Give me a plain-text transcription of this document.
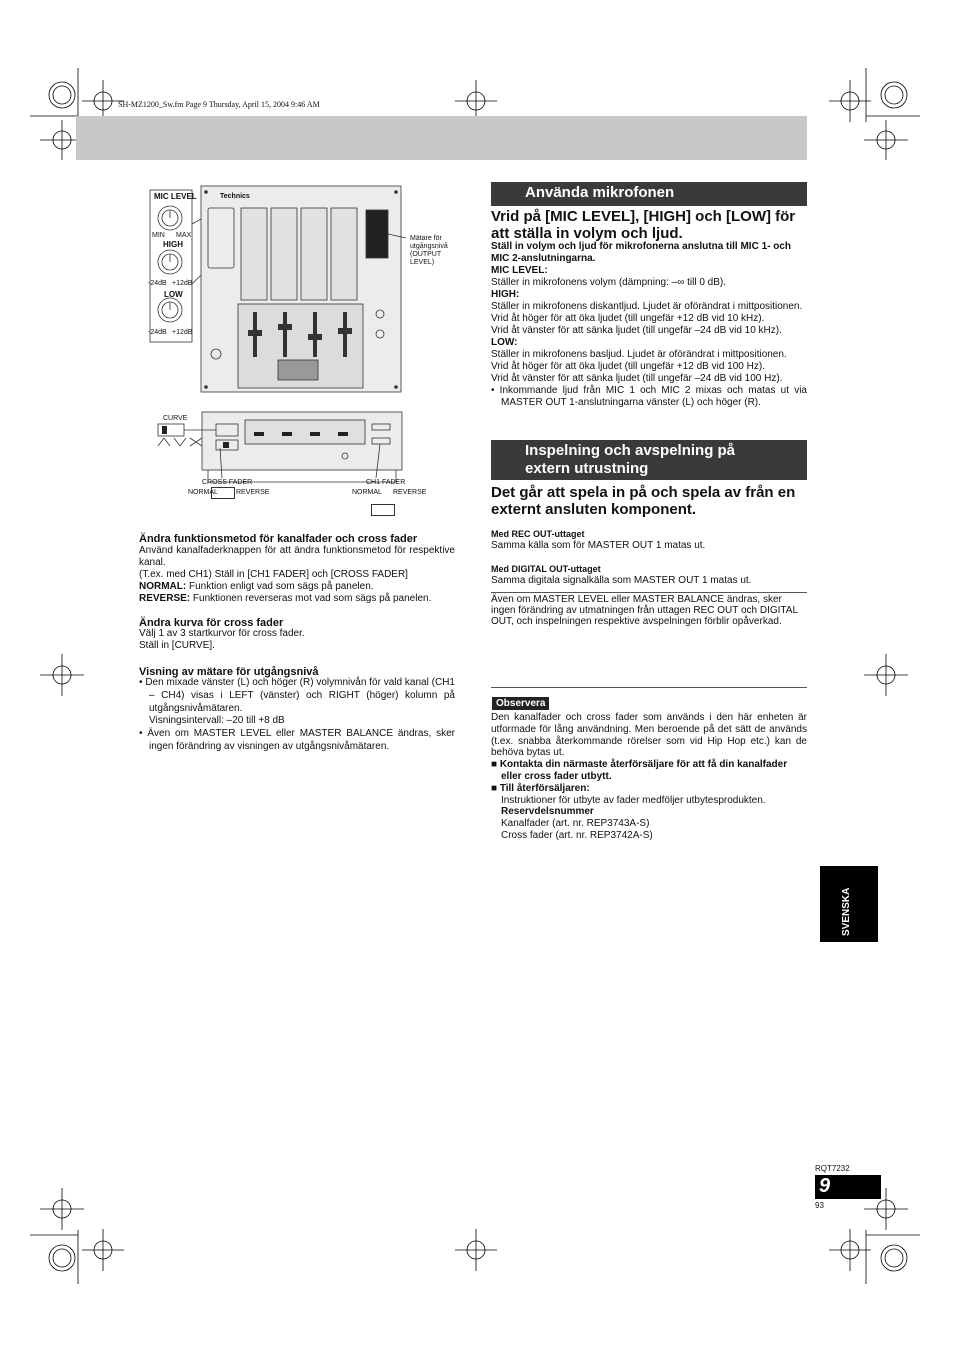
SH-MZ1200_Sw.fm Page 9 Thursday, April 15, 2004 9:46 AM
MIC LEVEL
MIN MAX
HIGH
-24dB +12dB
LOW
-24dB +12dB
Technics
Mätare för
utgångsnivå
(OUTPUT
LEVEL)
CURVE
CROSS FADER
NORMAL	REVERSE
CH1 FADER
NORMAL REVERSE
Ändra funktionsmetod för kanalfader och cross fader
Använd kanalfaderknappen för att ändra funktionsmetod för respektive kanal.
(T.ex. med CH1) Ställ in [CH1 FADER] och [CROSS FADER]
NORMAL: Funktion enligt vad som sägs på panelen.
REVERSE: Funktionen reverseras mot vad som sägs på panelen.
Ändra kurva för cross fader
Välj 1 av 3 startkurvor för cross fader.
Ställ in [CURVE].
Visning av mätare för utgångsnivå
• Den mixade vänster (L) och höger (R) volymnivån för vald kanal (CH1 – CH4) visas i LEFT (vänster) och RIGHT (höger) kolumn på utgångsnivåmätaren.
Visningsintervall: –20 till +8 dB
• Även om MASTER LEVEL eller MASTER BALANCE ändras, sker ingen förändring av visningen av utgångsnivåmätaren.
Använda mikrofonen
Vrid på [MIC LEVEL], [HIGH] och [LOW] för att ställa in volym och ljud.
Ställ in volym och ljud för mikrofonerna anslutna till MIC 1- och MIC 2-anslutningarna.
MIC LEVEL:
Ställer in mikrofonens volym (dämpning: –∞ till 0 dB).
HIGH:
Ställer in mikrofonens diskantljud. Ljudet är oförändrat i mittpositionen.
Vrid åt höger för att öka ljudet (till ungefär +12 dB vid 10 kHz).
Vrid åt vänster för att sänka ljudet (till ungefär –24 dB vid 10 kHz).
LOW:
Ställer in mikrofonens basljud. Ljudet är oförändrat i mittpositionen.
Vrid åt höger för att öka ljudet (till ungefär +12 dB vid 100 Hz).
Vrid åt vänster för att sänka ljudet (till ungefär –24 dB vid 100 Hz).
• Inkommande ljud från MIC 1 och MIC 2 mixas och matas ut via MASTER OUT 1-anslutningarna vänster (L) och höger (R).
Inspelning och avspelning på
extern utrustning
Det går att spela in på och spela av från en externt ansluten komponent.
Med REC OUT-uttaget
Samma källa som för MASTER OUT 1 matas ut.
Med DIGITAL OUT-uttaget
Samma digitala signalkälla som MASTER OUT 1 matas ut.
Även om MASTER LEVEL eller MASTER BALANCE ändras, sker ingen förändring av utmatningen från uttagen REC OUT och DIGITAL OUT, och inspelningen respektive avspelningen förblir opåverkad.
Observera
Den kanalfader och cross fader som används i den här enheten är utformade för lång användning. Men beroende på det sätt de används (t.ex. snabba återkommande rörelser som vid Hip Hop etc.) kan de behöva bytas ut.
■ Kontakta din närmaste återförsäljare för att få din kanalfader eller cross fader utbytt.
■ Till återförsäljaren:
Instruktioner för utbyte av fader medföljer utbytesprodukten.
Reservdelsnummer
Kanalfader (art. nr. REP3743A-S)
Cross fader (art. nr. REP3742A-S)
SVENSKA
RQT7232
9
93
